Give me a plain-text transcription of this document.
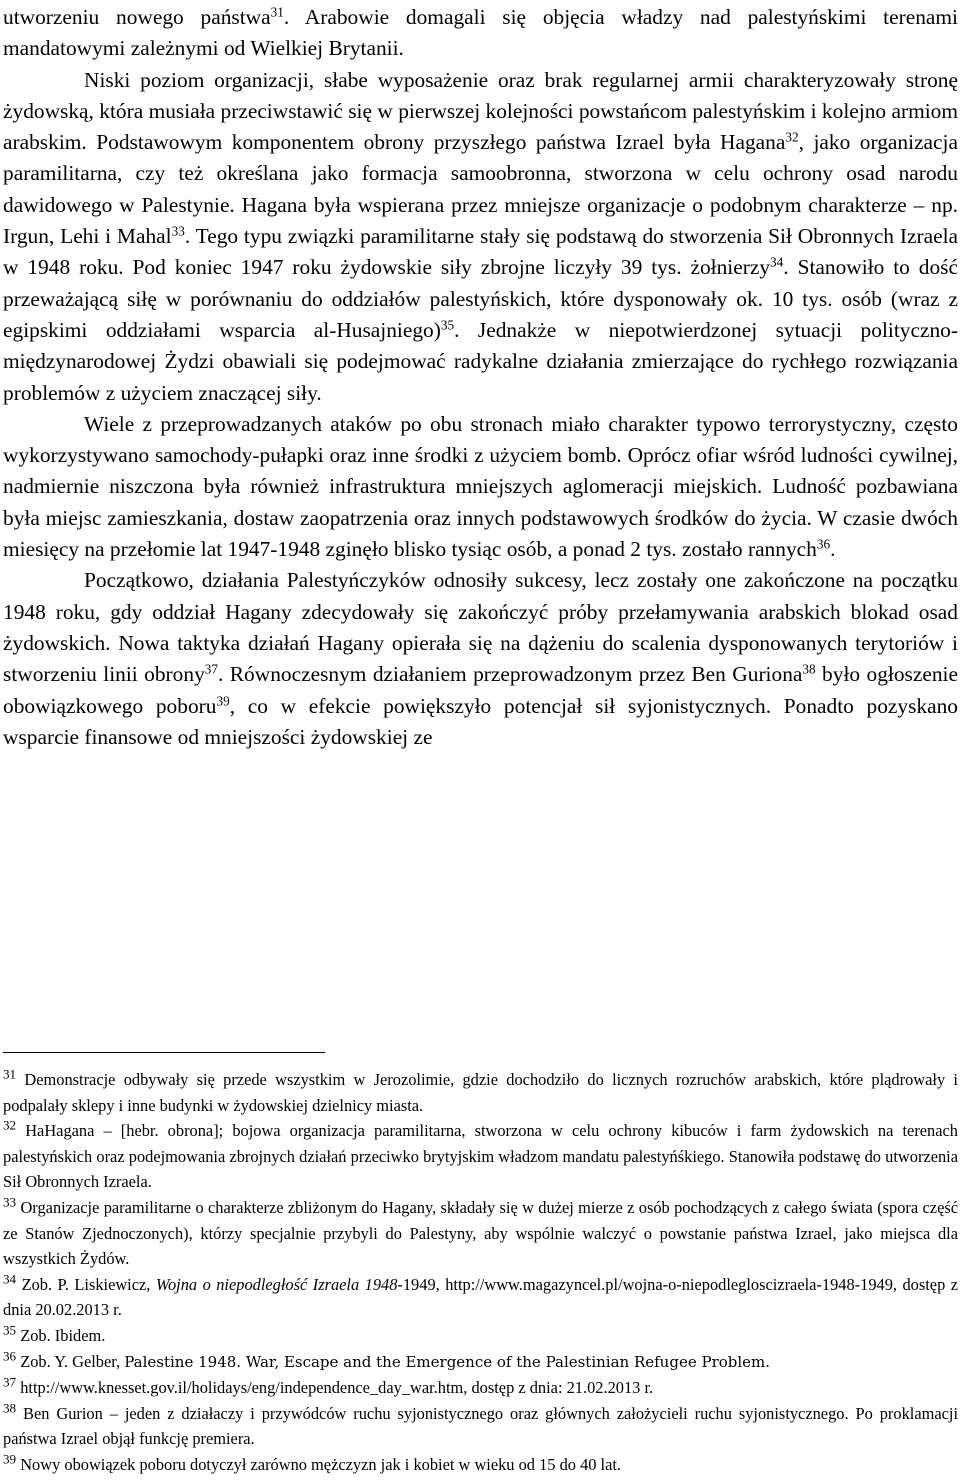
utworzeniu nowego państwa$^{31}$. Arabowie domagali się objęcia władzy nad palestyńskimi terenami mandatowymi zależnymi od Wielkiej Brytanii.

Niski poziom organizacji, słabe wyposażenie oraz brak regularnej armii charakteryzowały stronę żydowską, która musiała przeciwstawić się w pierwszej kolejności powstańcom palestyńskim i kolejno armiom arabskim. Podstawowym komponentem obrony przyszłego państwa Izrael była Hagana$^{32}$, jako organizacja paramilitarna, czy też określana jako formacja samoobronna, stworzona w celu ochrony osad narodu dawidowego w Palestynie. Hagana była wspierana przez mniejsze organizacje o podobnym charakterze – np. Irgun, Lehi i Mahal$^{33}$. Tego typu związki paramilitarne stały się podstawą do stworzenia Sił Obronnych Izraela w 1948 roku. Pod koniec 1947 roku żydowskie siły zbrojne liczyły 39 tys. żołnierzy$^{34}$. Stanowiło to dość przeważającą siłę w porównaniu do oddziałów palestyńskich, które dysponowały ok. 10 tys. osób (wraz z egipskimi oddziałami wsparcia al-Husajniego)$^{35}$. Jednakże w niepotwierdzonej sytuacji polityczno-międzynarodowej Żydzi obawiali się podejmować radykalne działania zmierzające do rychłego rozwiązania problemów z użyciem znaczącej siły.

Wiele z przeprowadzanych ataków po obu stronach miało charakter typowo terrorystyczny, często wykorzystywano samochody-pułapki oraz inne środki z użyciem bomb. Oprócz ofiar wśród ludności cywilnej, nadmiernie niszczona była również infrastruktura mniejszych aglomeracji miejskich. Ludność pozbawiana była miejsc zamieszkania, dostaw zaopatrzenia oraz innych podstawowych środków do życia. W czasie dwóch miesięcy na przełomie lat 1947-1948 zginęło blisko tysiąc osób, a ponad 2 tys. zostało rannych$^{36}$.

Początkowo, działania Palestyńczyków odnosiły sukcesy, lecz zostały one zakończone na początku 1948 roku, gdy oddział Hagany zdecydowały się zakończyć próby przełamywania arabskich blokad osad żydowskich. Nowa taktyka działań Hagany opierała się na dążeniu do scalenia dysponowanych terytoriów i stworzeniu linii obrony$^{37}$. Równoczesnym działaniem przeprowadzonym przez Ben Guriona$^{38}$ było ogłoszenie obowiązkowego poboru$^{39}$, co w efekcie powiększyło potencjał sił syjonistycznych. Ponadto pozyskano wsparcie finansowe od mniejszości żydowskiej ze

$^{31}$ Demonstracje odbywały się przede wszystkim w Jerozolimie, gdzie dochodziło do licznych rozruchów arabskich, które plądrowały i podpalały sklepy i inne budynki w żydowskiej dzielnicy miasta.

$^{32}$ HaHagana – [hebr. obrona]; bojowa organizacja paramilitarna, stworzona w celu ochrony kibuców i farm żydowskich na terenach palestyńskich oraz podejmowania zbrojnych działań przeciwko brytyjskim władzom mandatu palestyńśkiego. Stanowiła podstawę do utworzenia Sił Obronnych Izraela.

$^{33}$ Organizacje paramilitarne o charakterze zbliżonym do Hagany, składały się w dużej mierze z osób pochodzących z całego świata (spora część ze Stanów Zjednoczonych), którzy specjalnie przybyli do Palestyny, aby wspólnie walczyć o powstanie państwa Izrael, jako miejsca dla wszystkich Żydów.

$^{34}$ Zob. P. Liskiewicz, Wojna o niepodległość Izraela 1948-1949, http://www.magazyncel.pl/wojna-o-niepodlegloscizraela-1948-1949, dostęp z dnia 20.02.2013 r.

$^{35}$ Zob. Ibidem.

$^{36}$ Zob. Y. Gelber, Palestine 1948. War, Escape and the Emergence of the Palestinian Refugee Problem.

$^{37}$ http://www.knesset.gov.il/holidays/eng/independence_day_war.htm, dostęp z dnia: 21.02.2013 r.

$^{38}$ Ben Gurion – jeden z działaczy i przywódców ruchu syjonistycznego oraz głównych założycieli ruchu syjonistycznego. Po proklamacji państwa Izrael objął funkcję premiera.

$^{39}$ Nowy obowiązek poboru dotyczył zarówno mężczyzn jak i kobiet w wieku od 15 do 40 lat.
